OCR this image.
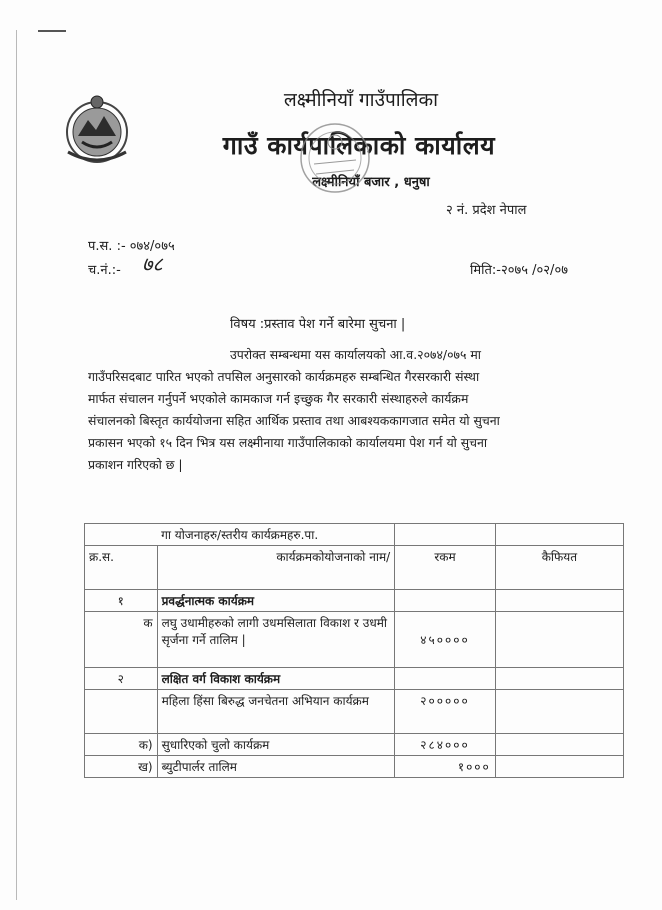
लक्ष्मीनियाँ गाउँपालिका
गाउँ कार्यपालिकाको कार्यालय
लक्ष्मीनियाँ बजार , धनुषा
२ नं. प्रदेश नेपाल
प.स. :- ०७४/०७५
च.नं.:- ७८	मिति:-२०७५ /०२/०७
विषय :प्रस्ताव पेश गर्ने बारेमा सुचना |
उपरोक्त सम्बन्धमा यस कार्यालयको आ.व.२०७४/०७५ मा
गाउँपरिसदबाट पारित भएको तपसिल अनुसारको कार्यक्रमहरु सम्बन्धित गैरसरकारी संस्था
मार्फत संचालन गर्नुपर्ने भएकोले कामकाज गर्न इच्छुक गैर सरकारी संस्थाहरुले कार्यक्रम
संचालनको बिस्तृत कार्ययोजना सहित आर्थिक प्रस्ताव तथा आबश्यककागजात समेत यो सुचना
प्रकासन भएको १५ दिन भित्र यस लक्ष्मीनाया गाउँपालिकाको कार्यालयमा पेश गर्न यो सुचना
प्रकाशन गरिएको छ |
गा योजनाहरु/स्तरीय कार्यक्रमहरु.पा.			
क्र.स.	कार्यक्रमकोयोजनाको नाम/	रकम	कैफियत
१	प्रवर्द्धनात्मक कार्यक्रम		
क	लघु उधामीहरुको लागी उधमसिलाता विकाश र उधमी सृर्जना गर्ने तालिम |	४५००००	
२	लक्षित वर्ग विकाश कार्यक्रम		
	महिला हिंसा बिरुद्ध जनचेतना अभियान कार्यक्रम	२०००००	
क)	सुधारिएको चुलो कार्यक्रम	२८४०००	
ख)	ब्युटीपार्लर तालिम	१०००	
